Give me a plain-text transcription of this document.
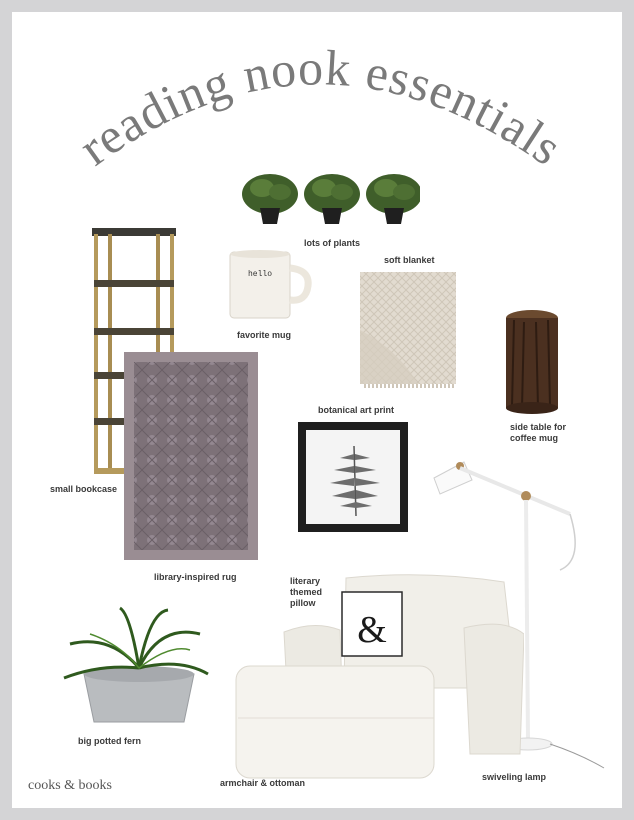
reading nook essentials
lots of plants
hello
favorite mug
soft blanket
side table for coffee mug
small bookcase
library-inspired rug
botanical art print
swiveling lamp
literary themed pillow
&
armchair & ottoman
big potted fern
cooks & books
